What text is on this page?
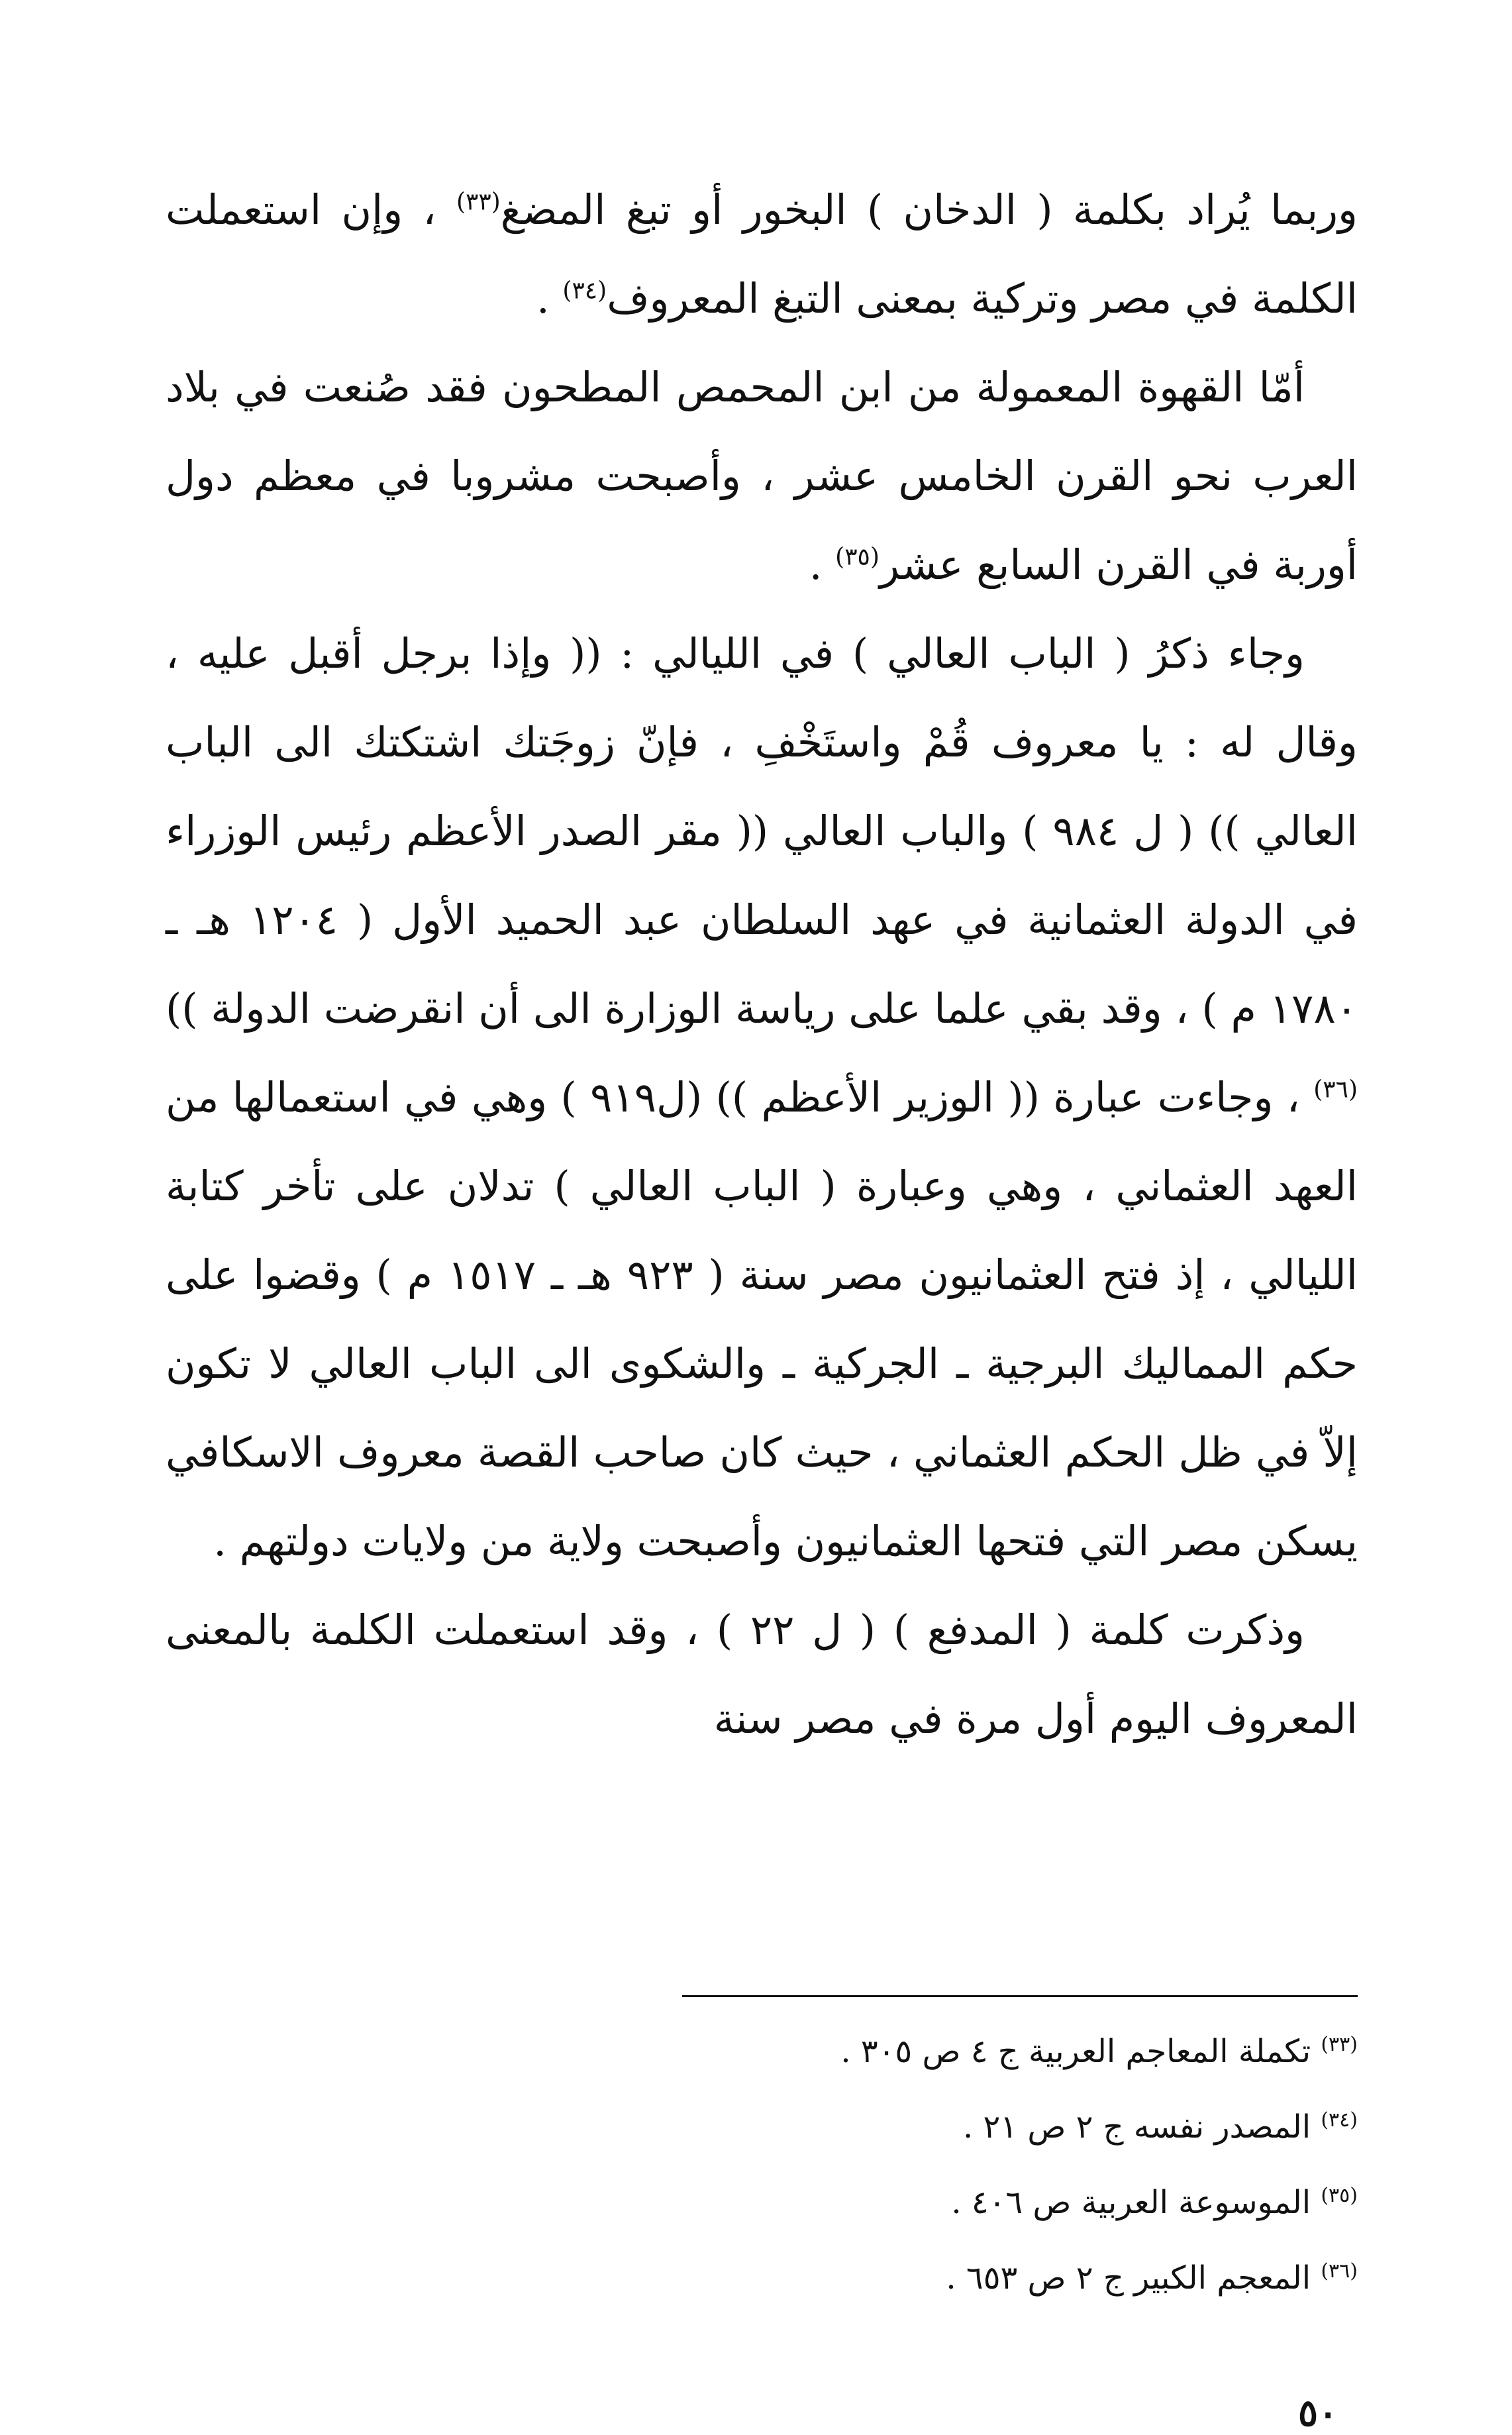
وربما يُراد بكلمة ( الدخان ) البخور أو تبغ المضغ$^{(٣٣)}$ ، وإن استعملت الكلمة في مصر وتركية بمعنى التبغ المعروف$^{(٣٤)}$ .

أمّا القهوة المعمولة من ابن المحمص المطحون فقد صُنعت في بلاد العرب نحو القرن الخامس عشر ، وأصبحت مشروبا في معظم دول أوربة في القرن السابع عشر$^{(٣٥)}$ .

وجاء ذكرُ ( الباب العالي ) في الليالي : (( وإذا برجل أقبل عليه ، وقال له : يا معروف قُمْ واستَخْفِ ، فإنّ زوجَتك اشتكتك الى الباب العالي )) ( ل ٩٨٤ ) والباب العالي (( مقر الصدر الأعظم رئيس الوزراء في الدولة العثمانية في عهد السلطان عبد الحميد الأول ( ١٢٠٤ هـ ـ ١٧٨٠ م ) ، وقد بقي علما على رياسة الوزارة الى أن انقرضت الدولة ))$^{(٣٦)}$ ، وجاءت عبارة (( الوزير الأعظم )) (ل٩١٩ ) وهي في استعمالها من العهد العثماني ، وهي وعبارة ( الباب العالي ) تدلان على تأخر كتابة الليالي ، إذ فتح العثمانيون مصر سنة ( ٩٢٣ هـ ـ ١٥١٧ م ) وقضوا على حكم المماليك البرجية ـ الجركية ـ والشكوى الى الباب العالي لا تكون إلاّ في ظل الحكم العثماني ، حيث كان صاحب القصة معروف الاسكافي يسكن مصر التي فتحها العثمانيون وأصبحت ولاية من ولايات دولتهم .

وذكرت كلمة ( المدفع ) ( ل ٢٢ ) ، وقد استعملت الكلمة بالمعنى المعروف اليوم أول مرة في مصر سنة

$^{(٣٣)}$ تكملة المعاجم العربية ج ٤ ص ٣٠٥ .

$^{(٣٤)}$ المصدر نفسه ج ٢ ص ٢١ .

$^{(٣٥)}$ الموسوعة العربية ص ٤٠٦ .

$^{(٣٦)}$ المعجم الكبير ج ٢ ص ٦٥٣ .

٥٠
